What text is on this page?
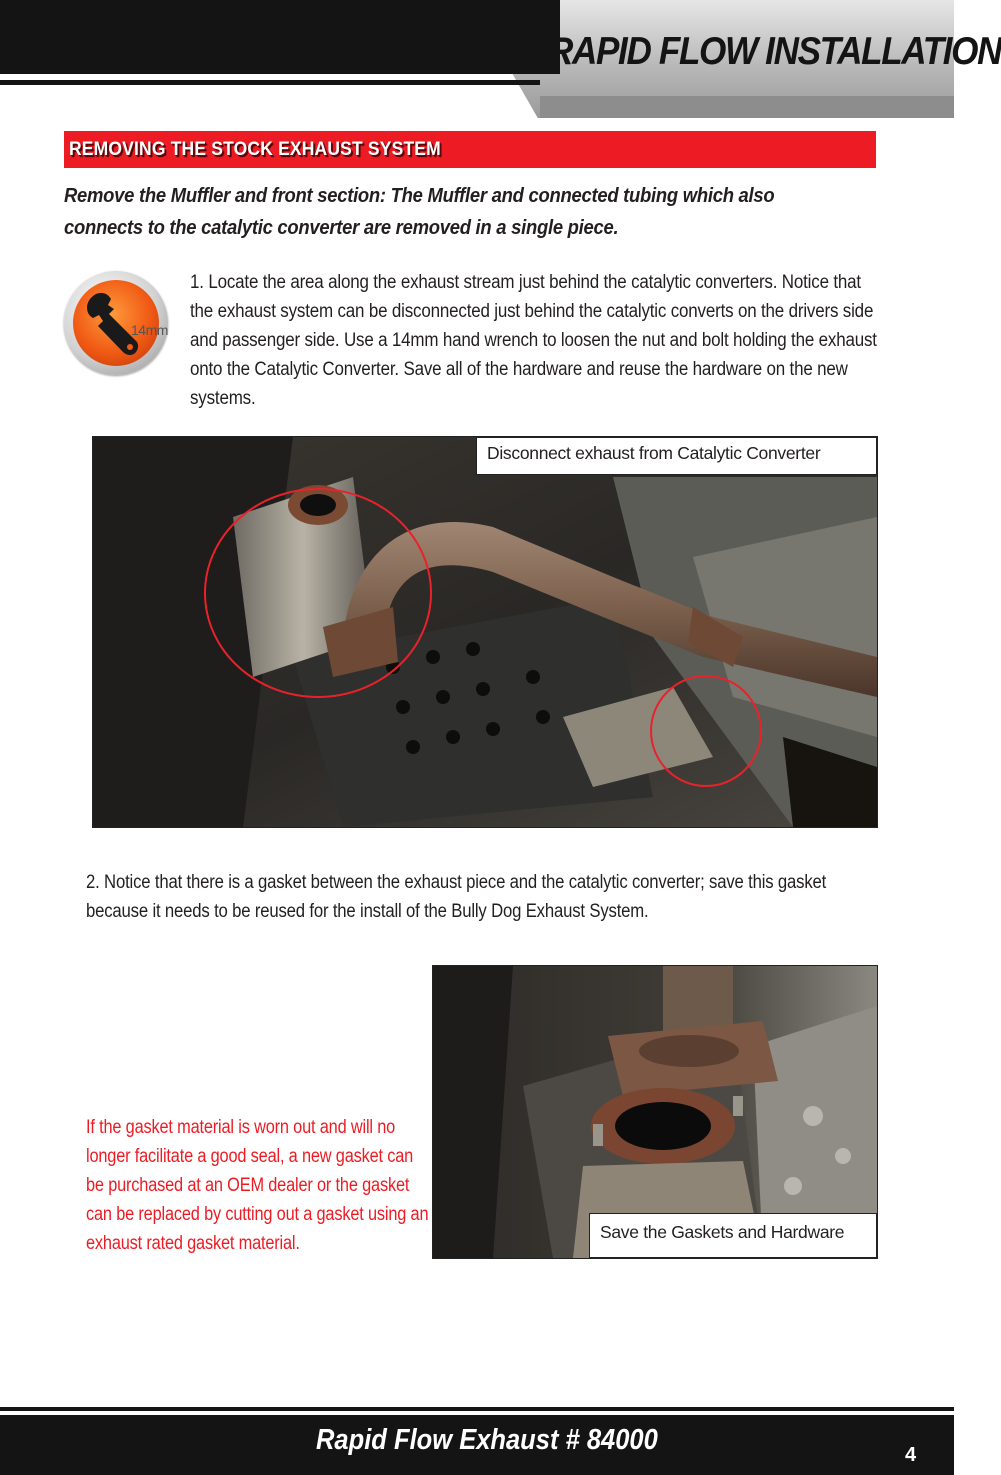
RAPID FLOW INSTALLATION
REMOVING THE STOCK EXHAUST SYSTEM
Remove the Muffler and front section: The Muffler and connected tubing which also connects to the catalytic converter are removed in a single piece.
14mm
1. Locate the area along the exhaust stream just behind the catalytic converters. Notice that the exhaust system can be disconnected just behind the catalytic converts on the drivers side and passenger side. Use a 14mm hand wrench to loosen the nut and bolt holding the exhaust onto the Catalytic Converter. Save all of the hardware and reuse the hardware on the new systems.
Disconnect exhaust from Catalytic Converter
2. Notice that there is a gasket between the exhaust piece and the catalytic converter; save this gasket because it needs to be reused for the install of the Bully Dog Exhaust System.
Save the Gaskets and Hardware
If the gasket material is worn out and will no longer facilitate a good seal, a new gasket can be purchased at an OEM dealer or the gasket can be replaced by cutting out a gasket using an exhaust rated gasket material.
Rapid Flow Exhaust # 84000	4
